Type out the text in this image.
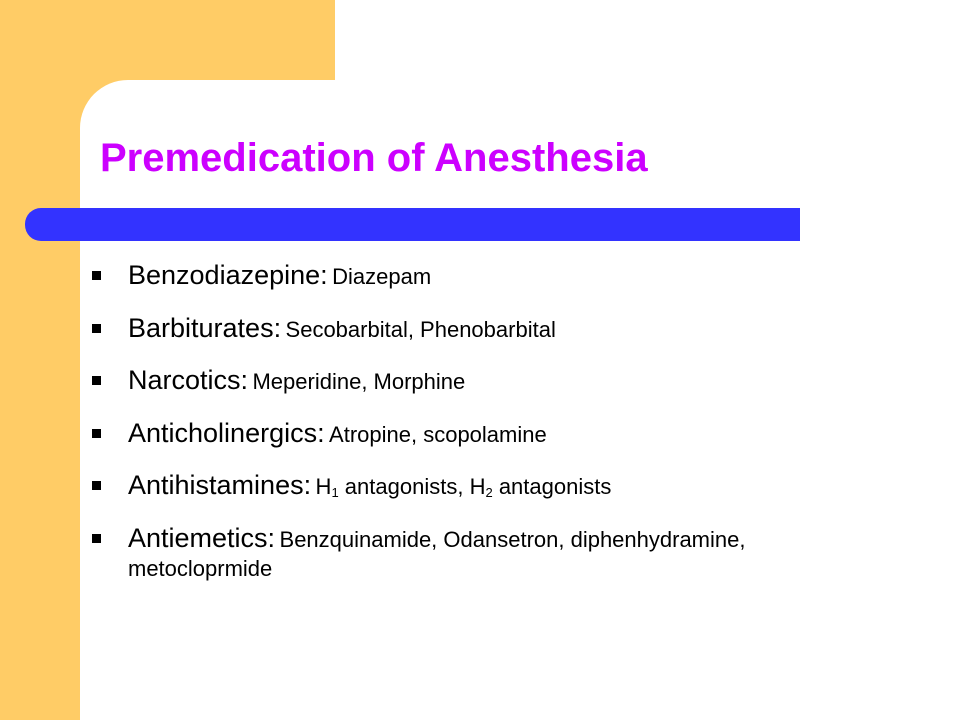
Premedication of Anesthesia
Benzodiazepine: Diazepam
Barbiturates: Secobarbital, Phenobarbital
Narcotics: Meperidine, Morphine
Anticholinergics: Atropine, scopolamine
Antihistamines: $H_1$ antagonists, $H_2$ antagonists
Antiemetics: Benzquinamide, Odansetron, diphenhydramine, metocloprmide
